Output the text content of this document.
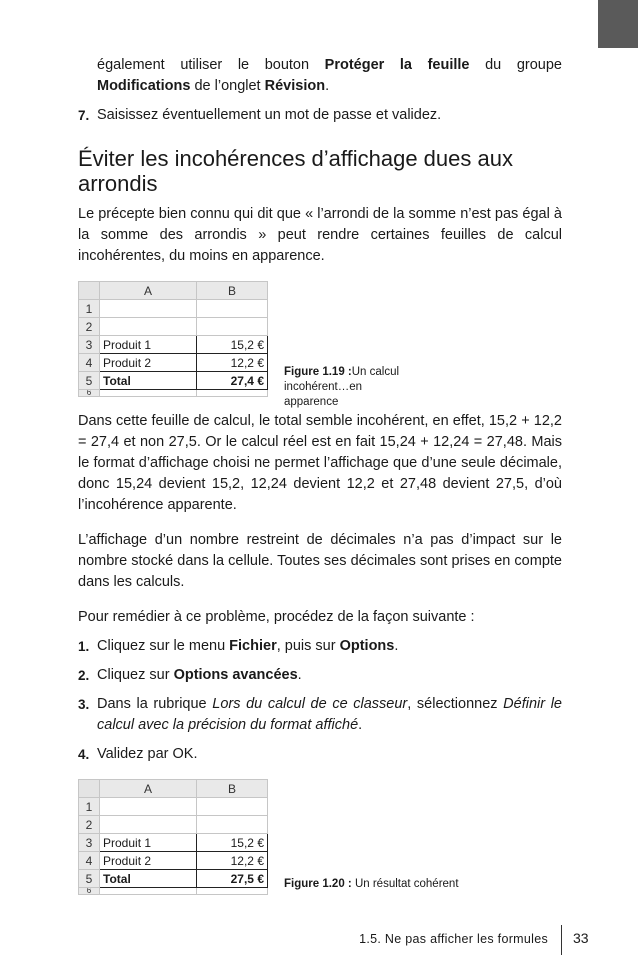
également utiliser le bouton Protéger la feuille du groupe Modifications de l’onglet Révision.

7. Saisissez éventuellement un mot de passe et validez.
Éviter les incohérences d’affichage dues aux arrondis

Le précepte bien connu qui dit que « l’arrondi de la somme n’est pas égal à la somme des arrondis » peut rendre certaines feuilles de calcul incohérentes, du moins en apparence.

	A	B
1		
2		
3	Produit 1	15,2 €
4	Produit 2	12,2 €
5	Total	27,4 €
6		
Figure 1.19 :Un calcul incohérent…en apparence

Dans cette feuille de calcul, le total semble incohérent, en effet, 15,2 + 12,2 = 27,4 et non 27,5. Or le calcul réel est en fait 15,24 + 12,24 = 27,48. Mais le format d’affichage choisi ne permet l’affichage que d’une seule décimale, donc 15,24 devient 15,2, 12,24 devient 12,2 et 27,48 devient 27,5, d’où l’incohérence apparente.

L’affichage d’un nombre restreint de décimales n’a pas d’impact sur le nombre stocké dans la cellule. Toutes ses décimales sont prises en compte dans les calculs.

Pour remédier à ce problème, procédez de la façon suivante :

1. Cliquez sur le menu Fichier, puis sur Options.
2. Cliquez sur Options avancées.
3. Dans la rubrique Lors du calcul de ce classeur, sélectionnez Définir le calcul avec la précision du format affiché.
4. Validez par OK.
	A	B
1		
2		
3	Produit 1	15,2 €
4	Produit 2	12,2 €
5	Total	27,5 €
6		
Figure 1.20 : Un résultat cohérent
1.5. Ne pas afficher les formules 33
